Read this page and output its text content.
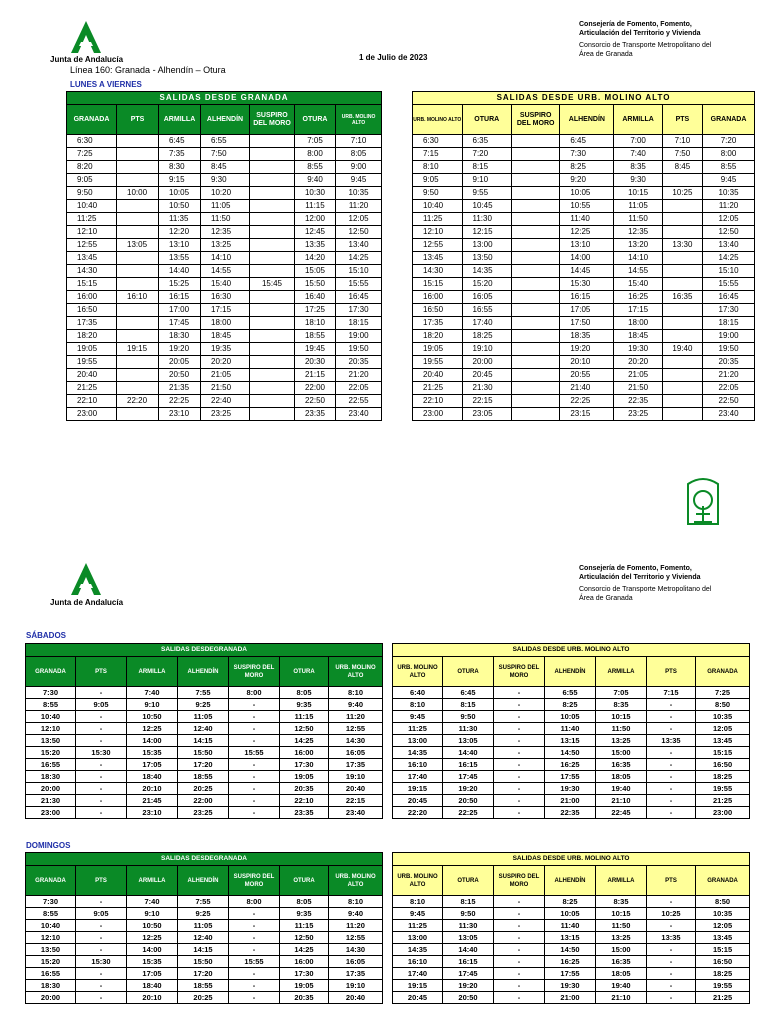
Junta de Andalucía
Consejería de Fomento, Fomento,
Articulación del Territorio y Vivienda
Consorcio de Transporte Metropolitano del
Área de Granada
1 de Julio de 2023
Línea 160: Granada - Alhendín – Otura
LUNES A VIERNES
SALIDAS DESDE GRANADA						
GRANADA	PTS	ARMILLA	ALHENDÍN	SUSPIRO DEL MORO	OTURA	URB. MOLINO ALTO
6:30		6:45	6:55		7:05	7:10
7:25		7:35	7:50		8:00	8:05
8:20		8:30	8:45		8:55	9:00
9:05		9:15	9:30		9:40	9:45
9:50	10:00	10:05	10:20		10:30	10:35
10:40		10:50	11:05		11:15	11:20
11:25		11:35	11:50		12:00	12:05
12:10		12:20	12:35		12:45	12:50
12:55	13:05	13:10	13:25		13:35	13:40
13:45		13:55	14:10		14:20	14:25
14:30		14:40	14:55		15:05	15:10
15:15		15:25	15:40	15:45	15:50	15:55
16:00	16:10	16:15	16:30		16:40	16:45
16:50		17:00	17:15		17:25	17:30
17:35		17:45	18:00		18:10	18:15
18:20		18:30	18:45		18:55	19:00
19:05	19:15	19:20	19:35		19:45	19:50
19:55		20:05	20:20		20:30	20:35
20:40		20:50	21:05		21:15	21:20
21:25		21:35	21:50		22:00	22:05
22:10	22:20	22:25	22:40		22:50	22:55
23:00		23:10	23:25		23:35	23:40
SALIDAS DESDE URB. MOLINO ALTO						
URB. MOLINO ALTO	OTURA	SUSPIRO DEL MORO	ALHENDÍN	ARMILLA	PTS	GRANADA
6:30	6:35		6:45	7:00	7:10	7:20
7:15	7:20		7:30	7:40	7:50	8:00
8:10	8:15		8:25	8:35	8:45	8:55
9:05	9:10		9:20	9:30		9:45
9:50	9:55		10:05	10:15	10:25	10:35
10:40	10:45		10:55	11:05		11:20
11:25	11:30		11:40	11:50		12:05
12:10	12:15		12:25	12:35		12:50
12:55	13:00		13:10	13:20	13:30	13:40
13:45	13:50		14:00	14:10		14:25
14:30	14:35		14:45	14:55		15:10
15:15	15:20		15:30	15:40		15:55
16:00	16:05		16:15	16:25	16:35	16:45
16:50	16:55		17:05	17:15		17:30
17:35	17:40		17:50	18:00		18:15
18:20	18:25		18:35	18:45		19:00
19:05	19:10		19:20	19:30	19:40	19:50
19:55	20:00		20:10	20:20		20:35
20:40	20:45		20:55	21:05		21:20
21:25	21:30		21:40	21:50		22:05
22:10	22:15		22:25	22:35		22:50
23:00	23:05		23:15	23:25		23:40
Junta de Andalucía
Consejería de Fomento, Fomento,
Articulación del Territorio y Vivienda
Consorcio de Transporte Metropolitano del
Área de Granada
SÁBADOS
SALIDAS DESDEGRANADA						
GRANADA	PTS	ARMILLA	ALHENDÍN	SUSPIRO DEL MORO	OTURA	URB. MOLINO ALTO
7:30	-	7:40	7:55	8:00	8:05	8:10
8:55	9:05	9:10	9:25	-	9:35	9:40
10:40	-	10:50	11:05	-	11:15	11:20
12:10	-	12:25	12:40	-	12:50	12:55
13:50	-	14:00	14:15	-	14:25	14:30
15:20	15:30	15:35	15:50	15:55	16:00	16:05
16:55	-	17:05	17:20	-	17:30	17:35
18:30	-	18:40	18:55	-	19:05	19:10
20:00	-	20:10	20:25	-	20:35	20:40
21:30	-	21:45	22:00	-	22:10	22:15
23:00	-	23:10	23:25	-	23:35	23:40
SALIDAS DESDE URB. MOLINO ALTO						
URB. MOLINO ALTO	OTURA	SUSPIRO DEL MORO	ALHENDÍN	ARMILLA	PTS	GRANADA
6:40	6:45	-	6:55	7:05	7:15	7:25
8:10	8:15	-	8:25	8:35	-	8:50
9:45	9:50	-	10:05	10:15	-	10:35
11:25	11:30	-	11:40	11:50	-	12:05
13:00	13:05	-	13:15	13:25	13:35	13:45
14:35	14:40	-	14:50	15:00	-	15:15
16:10	16:15	-	16:25	16:35	-	16:50
17:40	17:45	-	17:55	18:05	-	18:25
19:15	19:20	-	19:30	19:40	-	19:55
20:45	20:50	-	21:00	21:10	-	21:25
22:20	22:25	-	22:35	22:45	-	23:00
DOMINGOS
SALIDAS DESDEGRANADA						
GRANADA	PTS	ARMILLA	ALHENDÍN	SUSPIRO DEL MORO	OTURA	URB. MOLINO ALTO
7:30	-	7:40	7:55	8:00	8:05	8:10
8:55	9:05	9:10	9:25	-	9:35	9:40
10:40	-	10:50	11:05	-	11:15	11:20
12:10	-	12:25	12:40	-	12:50	12:55
13:50	-	14:00	14:15	-	14:25	14:30
15:20	15:30	15:35	15:50	15:55	16:00	16:05
16:55	-	17:05	17:20	-	17:30	17:35
18:30	-	18:40	18:55	-	19:05	19:10
20:00	-	20:10	20:25	-	20:35	20:40
SALIDAS DESDE URB. MOLINO ALTO						
URB. MOLINO ALTO	OTURA	SUSPIRO DEL MORO	ALHENDÍN	ARMILLA	PTS	GRANADA
8:10	8:15	-	8:25	8:35	-	8:50
9:45	9:50	-	10:05	10:15	10:25	10:35
11:25	11:30	-	11:40	11:50	-	12:05
13:00	13:05	-	13:15	13:25	13:35	13:45
14:35	14:40	-	14:50	15:00	-	15:15
16:10	16:15	-	16:25	16:35	-	16:50
17:40	17:45	-	17:55	18:05	-	18:25
19:15	19:20	-	19:30	19:40	-	19:55
20:45	20:50	-	21:00	21:10	-	21:25
